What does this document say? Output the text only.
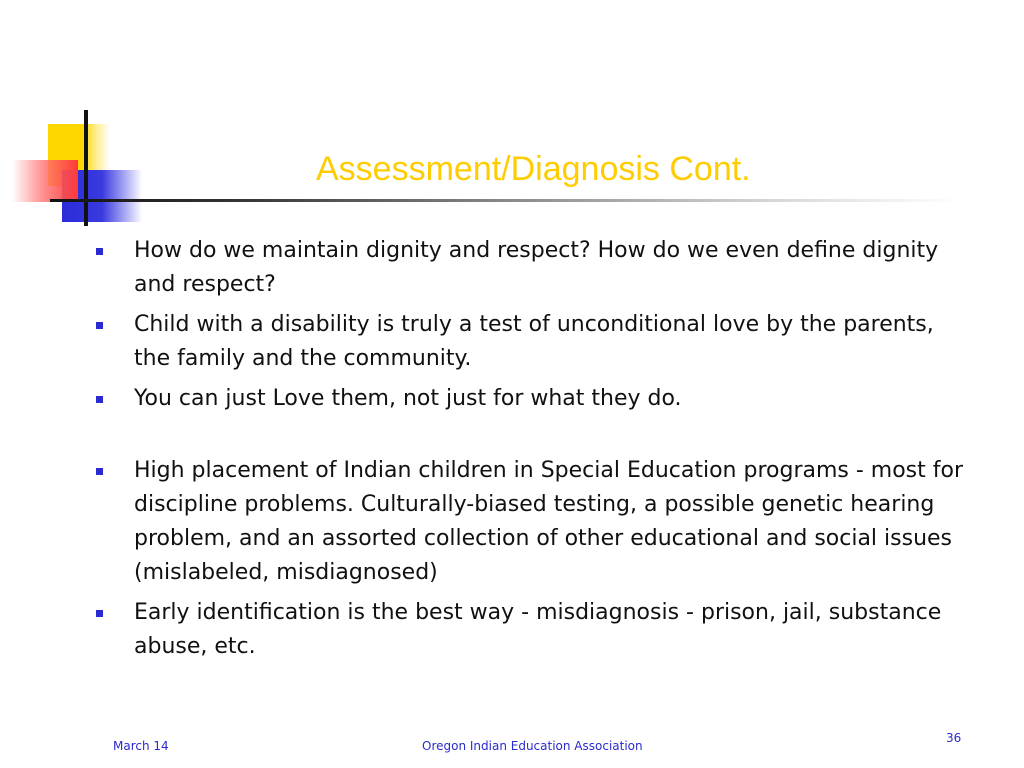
Assessment/Diagnosis Cont.
How do we maintain dignity and respect? How do we even define dignity and respect?
Child with a disability is truly a test of unconditional love by the parents, the family and the community.
You can just Love them, not just for what they do.
High placement of Indian children in Special Education programs - most for discipline problems. Culturally-biased testing, a possible genetic hearing problem, and an assorted collection of other educational and social issues (mislabeled, misdiagnosed)
Early identification is the best way - misdiagnosis - prison, jail, substance abuse, etc.
March 14	Oregon Indian Education Association
36
